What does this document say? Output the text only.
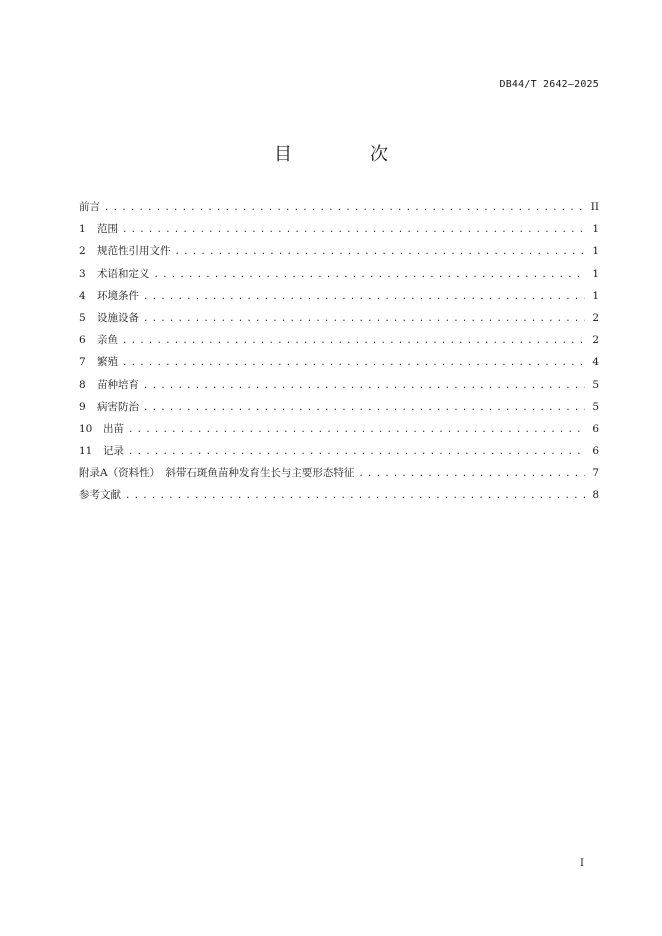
DB44/T 2642—2025
目　次
前言 .....	II
1	范围 .....	1
2	规范性引用文件 .....	1
3	术语和定义 .....	1
4	环境条件 .....	1
5	设施设备 .....	2
6	亲鱼 .....	2
7	繁殖 .....	4
8	苗种培育 .....	5
9	病害防治 .....	5
10	出苗 .....	6
11	记录 .....	6
附录A（资料性）　斜带石斑鱼苗种发育生长与主要形态特征 .....	7
参考文献 .....	8
I
